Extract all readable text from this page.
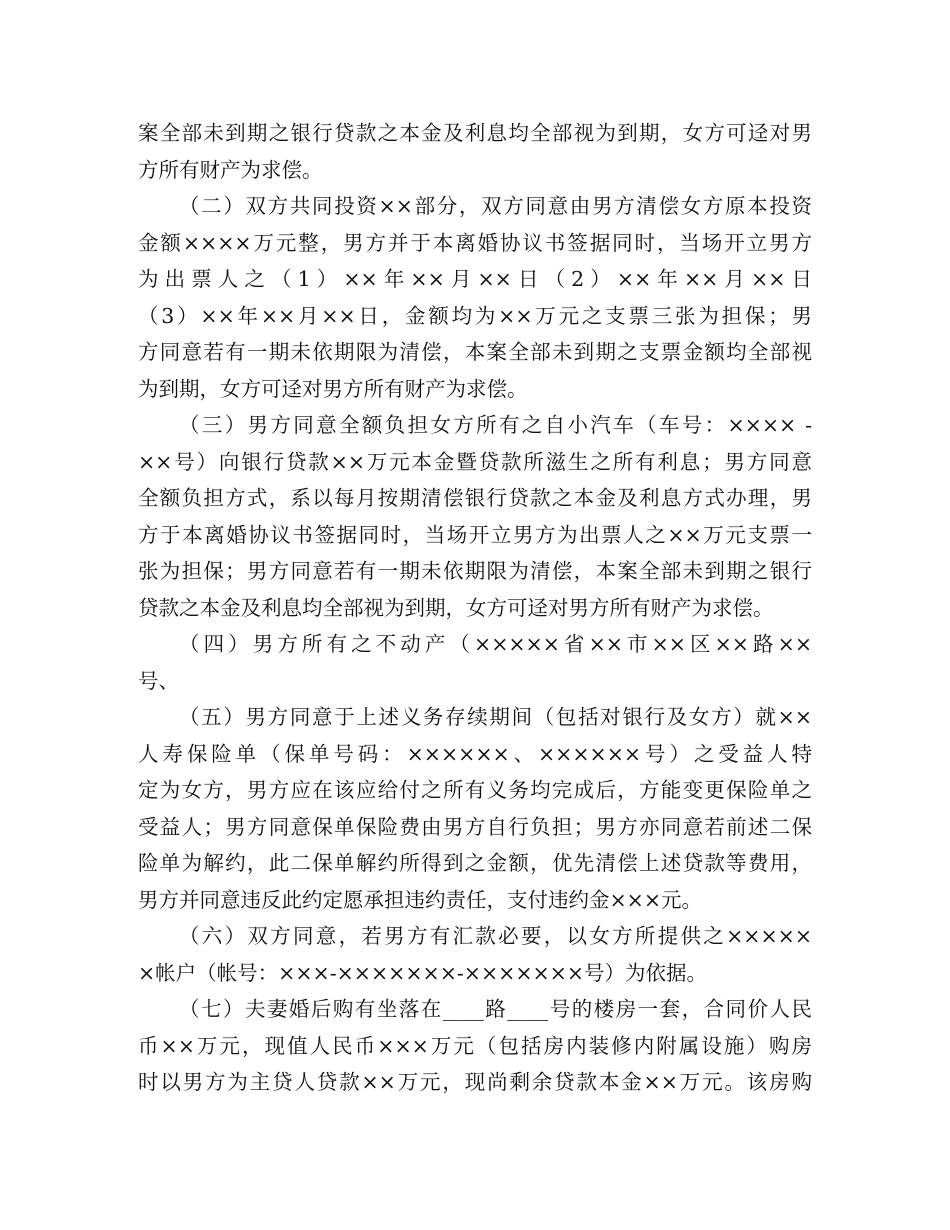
案全部未到期之银行贷款之本金及利息均全部视为到期，女方可迳对男
方所有财产为求偿。
（二）双方共同投资××部分，双方同意由男方清偿女方原本投资
金额××××万元整，男方并于本离婚协议书签据同时，当场开立男方
为出票人之（1）××年××月××日（2）××年××月××日
（3）××年××月××日，金额均为××万元之支票三张为担保；男
方同意若有一期未依期限为清偿，本案全部未到期之支票金额均全部视
为到期，女方可迳对男方所有财产为求偿。
（三）男方同意全额负担女方所有之自小汽车（车号：×××× -
××号）向银行贷款××万元本金暨贷款所滋生之所有利息；男方同意
全额负担方式，系以每月按期清偿银行贷款之本金及利息方式办理，男
方于本离婚协议书签据同时，当场开立男方为出票人之××万元支票一
张为担保；男方同意若有一期未依期限为清偿，本案全部未到期之银行
贷款之本金及利息均全部视为到期，女方可迳对男方所有财产为求偿。
（四）男方所有之不动产（×××××省××市××区××路××
号、
（五）男方同意于上述义务存续期间（包括对银行及女方）就××
人寿保险单（保单号码：××××××、××××××号）之受益人特
定为女方，男方应在该应给付之所有义务均完成后，方能变更保险单之
受益人；男方同意保单保险费由男方自行负担；男方亦同意若前述二保
险单为解约，此二保单解约所得到之金额，优先清偿上述贷款等费用，
男方并同意违反此约定愿承担违约责任，支付违约金×××元。
（六）双方同意，若男方有汇款必要，以女方所提供之×××××
×帐户（帐号：×××-×××××××-×××××××号）为依据。
（七）夫妻婚后购有坐落在____路____号的楼房一套，合同价人民
币××万元，现值人民币×××万元（包括房内装修内附属设施）购房
时以男方为主贷人贷款××万元，现尚剩余贷款本金××万元。该房购
